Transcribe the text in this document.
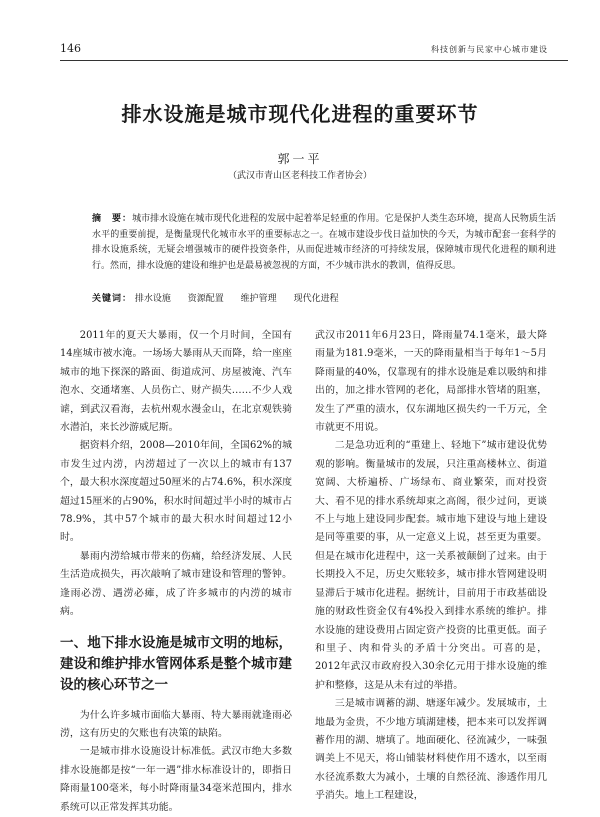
146	科技创新与民家中心城市建设
排水设施是城市现代化进程的重要环节
郭一平
（武汉市青山区老科技工作者协会）
摘　要：城市排水设施在城市现代化进程的发展中起着举足轻重的作用。它是保护人类生态环境，提高人民物质生活水平的重要前提，是衡量现代化城市水平的重要标志之一。在城市建设步伐日益加快的今天，为城市配套一套科学的排水设施系统，无疑会增强城市的硬件投资条件，从而促进城市经济的可持续发展，保障城市现代化进程的顺利进行。然而，排水设施的建设和维护也是最易被忽视的方面，不少城市洪水的教训，值得反思。
关键词： 排水设施 资源配置 维护管理 现代化进程

2011年的夏天大暴雨，仅一个月时间，全国有14座城市被水淹。一场场大暴雨从天而降，给一座座城市的地下探深的路面、街道成河、房屋被淹、汽车泡水、交通堵塞、人员伤亡、财产损失……不少人戏谑，到武汉看海，去杭州观水漫金山，在北京观铁骑水潜泊，来长沙游威尼斯。

据资料介绍，2008—2010年间，全国62%的城市发生过内涝，内涝超过了一次以上的城市有137个，最大积水深度超过50厘米的占74.6%，积水深度超过15厘米的占90%，积水时间超过半小时的城市占78.9%，其中57个城市的最大积水时间超过12小时。

暴雨内涝给城市带来的伤痛，给经济发展、人民生活造成损失，再次敲响了城市建设和管理的警钟。逢雨必涝、遇涝必瘫，成了许多城市的内涝的城市病。

一、地下排水设施是城市文明的地标，建设和维护排水管网体系是整个城市建设的核心环节之一

为什么许多城市面临大暴雨、特大暴雨就逢雨必涝，这有历史的欠账也有决策的缺陷。

一是城市排水设施设计标准低。武汉市绝大多数排水设施都是按“一年一遇”排水标准设计的，即指日降雨量100毫米，每小时降雨量34毫米范围内，排水系统可以正常发挥其功能。

武汉市2011年6月23日，降雨量74.1毫米，最大降雨量为181.9毫米，一天的降雨量相当于每年1～5月降雨量的40%，仅靠现有的排水设施是难以吸纳和排出的，加之排水管网的老化，局部排水管堵的阻塞，发生了严重的渍水，仅东湖地区损失约一千万元，全市就更不用说。

二是急功近利的“重建上、轻地下”城市建设优势观的影响。衡量城市的发展，只注重高楼林立、街道宽阔、大桥遍桥、广场绿布、商业繁荣，而对投资大、看不见的排水系统却束之高阁，很少过问，更谈不上与地上建设同步配套。城市地下建设与地上建设是同等重要的事，从一定意义上说，甚至更为重要。但是在城市化进程中，这一关系被颠倒了过来。由于长期投入不足，历史欠账较多，城市排水管网建设明显滞后于城市化进程。据统计，目前用于市政基础设施的财政性资金仅有4%投入到排水系统的维护。排水设施的建设费用占固定资产投资的比重更低。面子和里子、肉和骨头的矛盾十分突出。可喜的是，2012年武汉市政府投入30余亿元用于排水设施的维护和整修，这是从未有过的举措。

三是城市调蓄的湖、塘逐年减少。发展城市，土地最为金贵，不少地方填湖建楼，把本来可以发挥调蓄作用的湖、塘填了。地面硬化、径流减少，一味强调美上不见天，将山铺装材料使作用不透水，以至雨水径流系数大为减小，土壤的自然径流、渗透作用几乎消失。地上工程建设，
